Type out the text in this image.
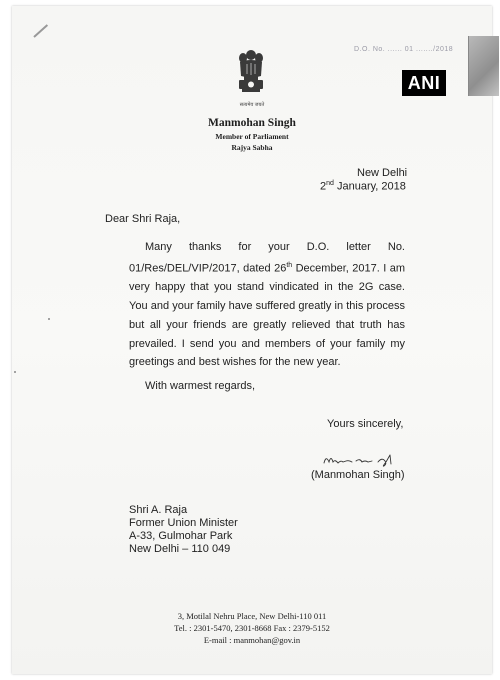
D.O. No. ...... 01 ......./2018
सत्यमेव जयते
Manmohan Singh
Member of Parliament
Rajya Sabha
New Delhi
2nd January, 2018
Dear Shri Raja,
Many thanks for your D.O. letter No. 01/Res/DEL/VIP/2017, dated 26th December, 2017. I am very happy that you stand vindicated in the 2G case. You and your family have suffered greatly in this process but all your friends are greatly relieved that truth has prevailed. I send you and members of your family my greetings and best wishes for the new year.
With warmest regards,
Yours sincerely,
(Manmohan Singh)
Shri A. Raja
Former Union Minister
A-33, Gulmohar Park
New Delhi – 110 049
3, Motilal Nehru Place, New Delhi-110 011
Tel. : 2301-5470, 2301-8668 Fax : 2379-5152
E-mail : manmohan@gov.in
ANI
